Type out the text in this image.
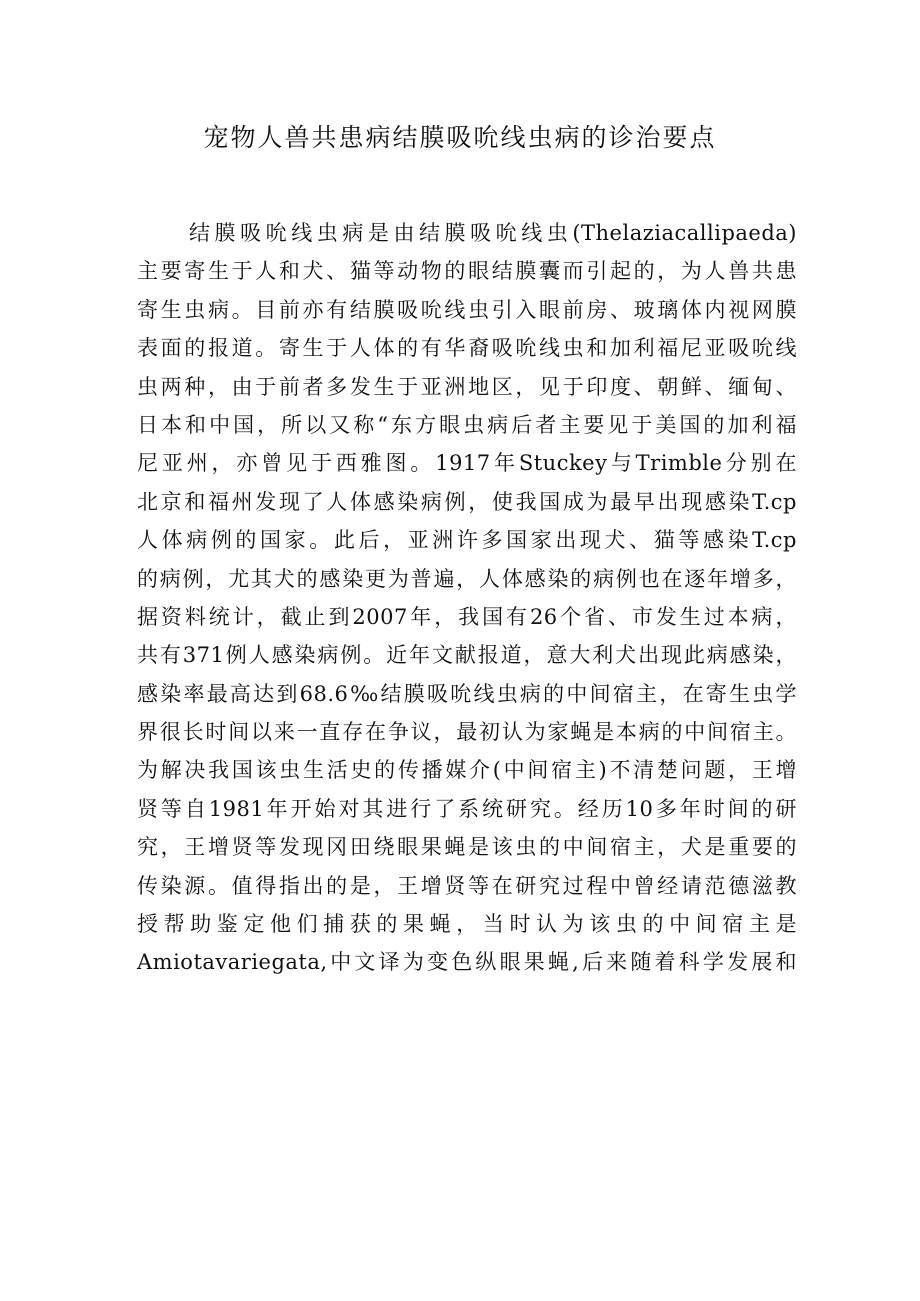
宠物人兽共患病结膜吸吮线虫病的诊治要点
结膜吸吮线虫病是由结膜吸吮线虫(Thelaziacallipaeda)
主要寄生于人和犬、猫等动物的眼结膜囊而引起的，为人兽共患
寄生虫病。目前亦有结膜吸吮线虫引入眼前房、玻璃体内视网膜
表面的报道。寄生于人体的有华裔吸吮线虫和加利福尼亚吸吮线
虫两种，由于前者多发生于亚洲地区，见于印度、朝鲜、缅甸、
日本和中国，所以又称“东方眼虫病后者主要见于美国的加利福
尼亚州，亦曾见于西雅图。1917年Stuckey与Trimble分别在
北京和福州发现了人体感染病例，使我国成为最早出现感染T.cp
人体病例的国家。此后，亚洲许多国家出现犬、猫等感染T.cp
的病例，尤其犬的感染更为普遍，人体感染的病例也在逐年增多，
据资料统计，截止到2007年，我国有26个省、市发生过本病，
共有371例人感染病例。近年文献报道，意大利犬出现此病感染，
感染率最高达到68.6‰结膜吸吮线虫病的中间宿主，在寄生虫学
界很长时间以来一直存在争议，最初认为家蝇是本病的中间宿主。
为解决我国该虫生活史的传播媒介(中间宿主)不清楚问题，王增
贤等自1981年开始对其进行了系统研究。经历10多年时间的研
究，王增贤等发现冈田绕眼果蝇是该虫的中间宿主，犬是重要的
传染源。值得指出的是，王增贤等在研究过程中曾经请范德滋教
授帮助鉴定他们捕获的果蝇，当时认为该虫的中间宿主是
Amiotavariegata,中文译为变色纵眼果蝇,后来随着科学发展和
